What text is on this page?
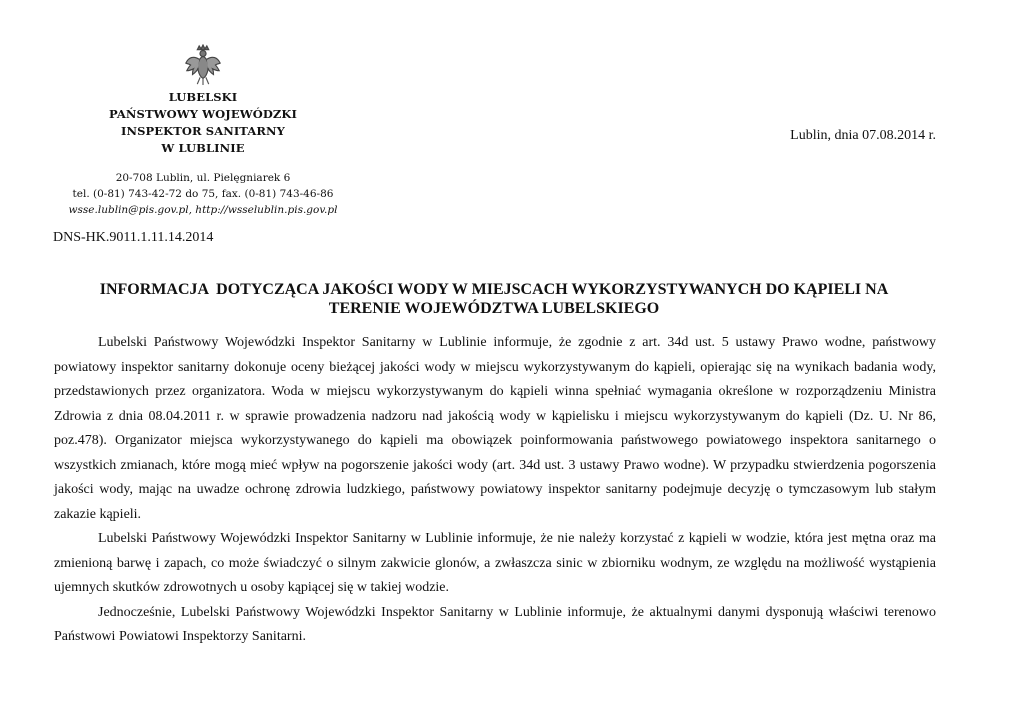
LUBELSKI
PAŃSTWOWY WOJEWÓDZKI
INSPEKTOR SANITARNY
W LUBLINIE
20-708 Lublin, ul. Pielęgniarek 6
tel. (0-81) 743-42-72 do 75, fax. (0-81) 743-46-86
wsse.lublin@pis.gov.pl, http://wsselublin.pis.gov.pl
Lublin, dnia 07.08.2014 r.
DNS-HK.9011.1.11.14.2014
INFORMACJA  DOTYCZĄCA JAKOŚCI WODY W MIEJSCACH WYKORZYSTYWANYCH DO KĄPIELI NA
TERENIE WOJEWÓDZTWA LUBELSKIEGO

Lubelski Państwowy Wojewódzki Inspektor Sanitarny w Lublinie informuje, że zgodnie z art. 34d ust. 5 ustawy Prawo wodne, państwowy powiatowy inspektor sanitarny dokonuje oceny bieżącej jakości wody w miejscu wykorzystywanym do kąpieli, opierając się na wynikach badania wody, przedstawionych przez organizatora. Woda w miejscu wykorzystywanym do kąpieli winna spełniać wymagania określone w rozporządzeniu Ministra Zdrowia z dnia 08.04.2011 r. w sprawie prowadzenia nadzoru nad jakością wody w kąpielisku i miejscu wykorzystywanym do kąpieli (Dz. U. Nr 86, poz.478). Organizator miejsca wykorzystywanego do kąpieli ma obowiązek poinformowania państwowego powiatowego inspektora sanitarnego o wszystkich zmianach, które mogą mieć wpływ na pogorszenie jakości wody (art. 34d ust. 3 ustawy Prawo wodne). W przypadku stwierdzenia pogorszenia jakości wody, mając na uwadze ochronę zdrowia ludzkiego, państwowy powiatowy inspektor sanitarny podejmuje decyzję o tymczasowym lub stałym zakazie kąpieli.

Lubelski Państwowy Wojewódzki Inspektor Sanitarny w Lublinie informuje, że nie należy korzystać z kąpieli w wodzie, która jest mętna oraz ma zmienioną barwę i zapach, co może świadczyć o silnym zakwicie glonów, a zwłaszcza sinic w zbiorniku wodnym, ze względu na możliwość wystąpienia ujemnych skutków zdrowotnych u osoby kąpiącej się w takiej wodzie.

Jednocześnie, Lubelski Państwowy Wojewódzki Inspektor Sanitarny w Lublinie informuje, że aktualnymi danymi dysponują właściwi terenowo Państwowi Powiatowi Inspektorzy Sanitarni.
